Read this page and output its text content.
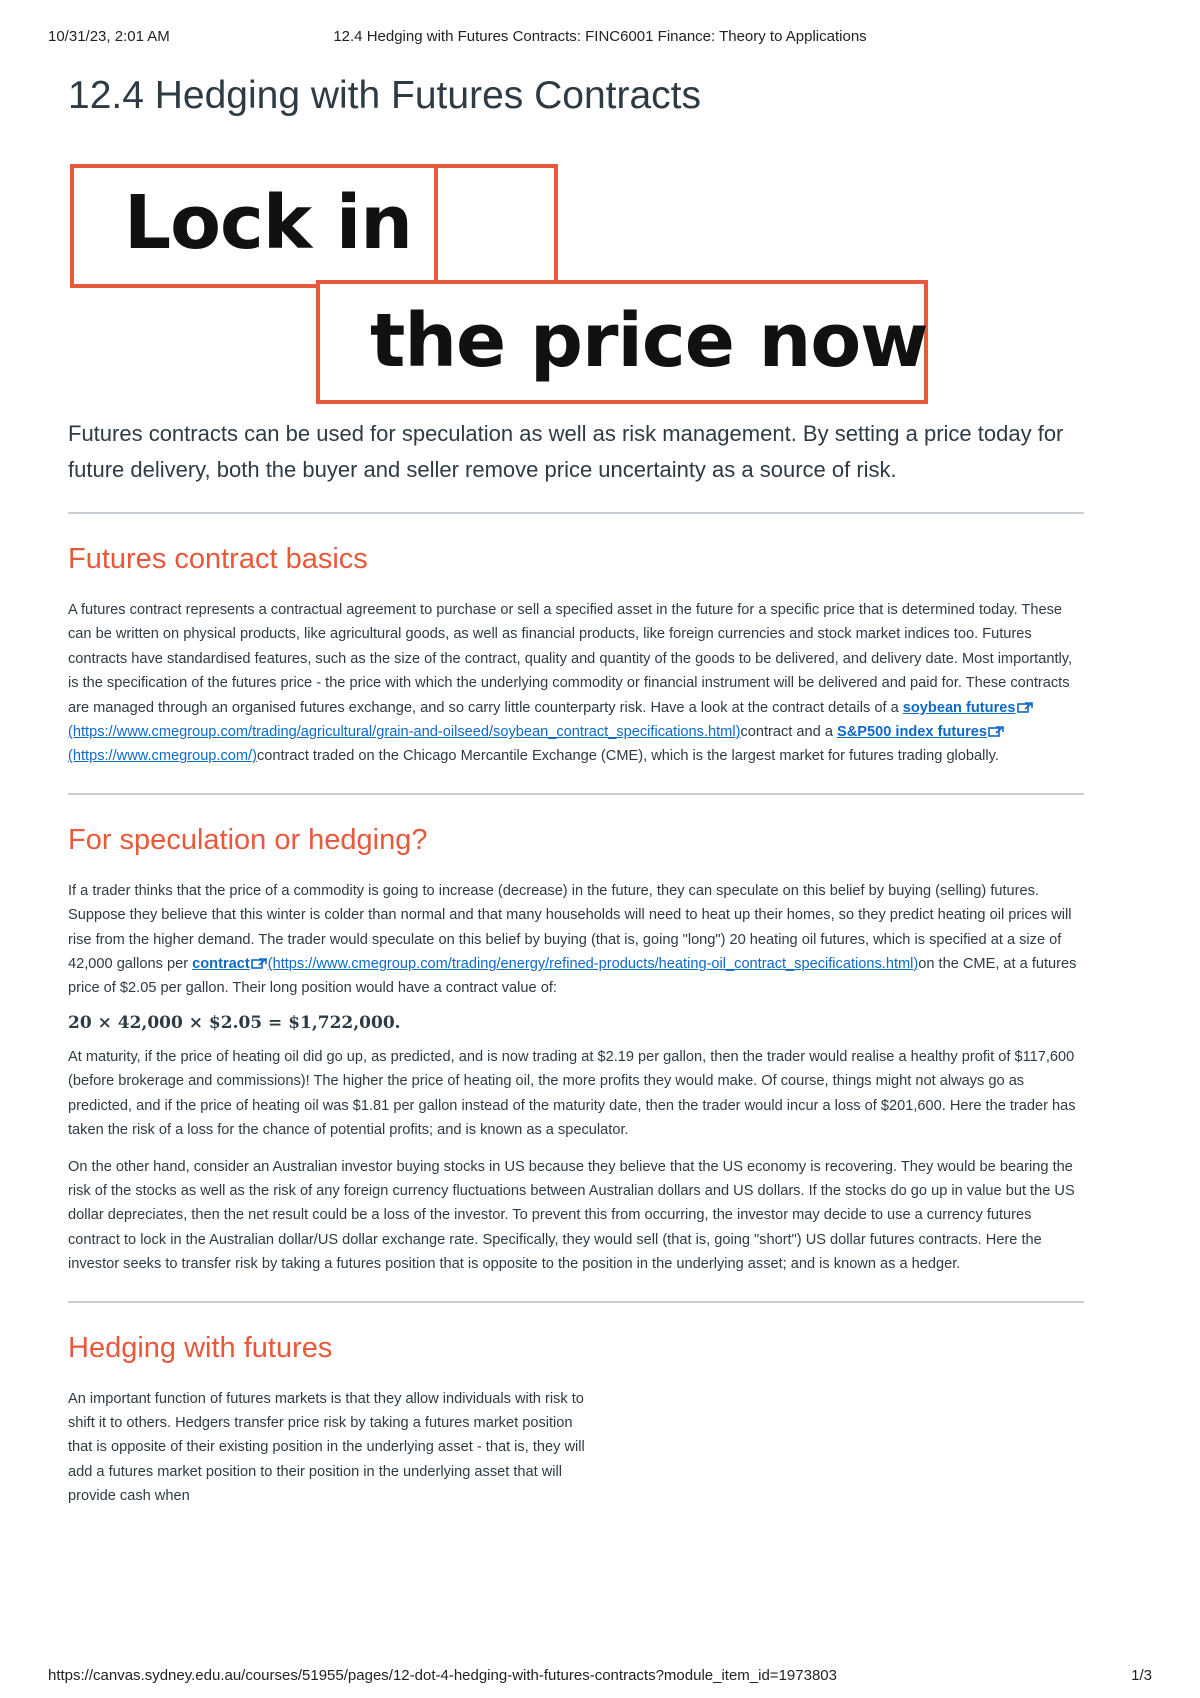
10/31/23, 2:01 AM	12.4 Hedging with Futures Contracts: FINC6001 Finance: Theory to Applications
12.4 Hedging with Futures Contracts
Lock in
the price now

Futures contracts can be used for speculation as well as risk management. By setting a price today for future delivery, both the buyer and seller remove price uncertainty as a source of risk.

Futures contract basics

A futures contract represents a contractual agreement to purchase or sell a specified asset in the future for a specific price that is determined today. These can be written on physical products, like agricultural goods, as well as financial products, like foreign currencies and stock market indices too. Futures contracts have standardised features, such as the size of the contract, quality and quantity of the goods to be delivered, and delivery date. Most importantly, is the specification of the futures price - the price with which the underlying commodity or financial instrument will be delivered and paid for. These contracts are managed through an organised futures exchange, and so carry little counterparty risk. Have a look at the contract details of a soybean futures(https://www.cmegroup.com/trading/agricultural/grain-and-oilseed/soybean_contract_specifications.html)contract and a S&P500 index futures(https://www.cmegroup.com/)contract traded on the Chicago Mercantile Exchange (CME), which is the largest market for futures trading globally.

For speculation or hedging?

If a trader thinks that the price of a commodity is going to increase (decrease) in the future, they can speculate on this belief by buying (selling) futures. Suppose they believe that this winter is colder than normal and that many households will need to heat up their homes, so they predict heating oil prices will rise from the higher demand. The trader would speculate on this belief by buying (that is, going "long") 20 heating oil futures, which is specified at a size of 42,000 gallons per contract (https://www.cmegroup.com/trading/energy/refined-products/heating-oil_contract_specifications.html)on the CME, at a futures price of $2.05 per gallon. Their long position would have a contract value of:

20 × 42,000 × $2.05 = $1,722,000.

At maturity, if the price of heating oil did go up, as predicted, and is now trading at $2.19 per gallon, then the trader would realise a healthy profit of $117,600 (before brokerage and commissions)! The higher the price of heating oil, the more profits they would make. Of course, things might not always go as predicted, and if the price of heating oil was $1.81 per gallon instead of the maturity date, then the trader would incur a loss of $201,600. Here the trader has taken the risk of a loss for the chance of potential profits; and is known as a speculator.

On the other hand, consider an Australian investor buying stocks in US because they believe that the US economy is recovering. They would be bearing the risk of the stocks as well as the risk of any foreign currency fluctuations between Australian dollars and US dollars. If the stocks do go up in value but the US dollar depreciates, then the net result could be a loss of the investor. To prevent this from occurring, the investor may decide to use a currency futures contract to lock in the Australian dollar/US dollar exchange rate. Specifically, they would sell (that is, going "short") US dollar futures contracts. Here the investor seeks to transfer risk by taking a futures position that is opposite to the position in the underlying asset; and is known as a hedger.

Hedging with futures

An important function of futures markets is that they allow individuals with risk to shift it to others. Hedgers transfer price risk by taking a futures market position that is opposite of their existing position in the underlying asset - that is, they will add a futures market position to their position in the underlying asset that will provide cash when

https://canvas.sydney.edu.au/courses/51955/pages/12-dot-4-hedging-with-futures-contracts?module_item_id=1973803	1/3
